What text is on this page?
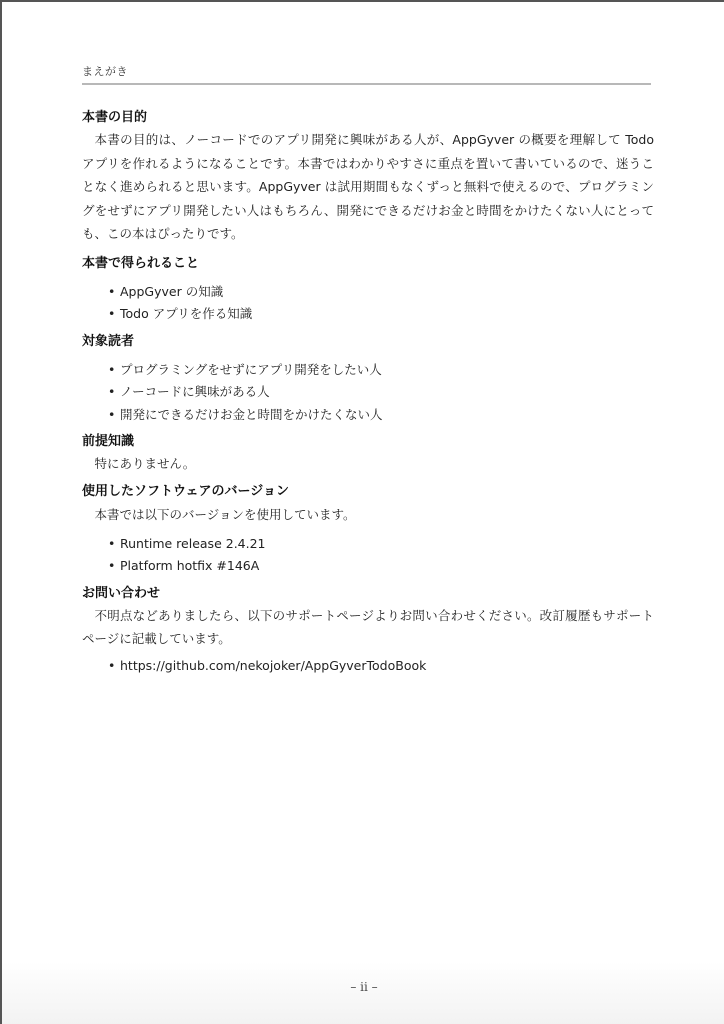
まえがき
本書の目的

本書の目的は、ノーコードでのアプリ開発に興味がある人が、AppGyver の概要を理解して Todo アプリを作れるようになることです。本書ではわかりやすさに重点を置いて書いているので、迷うことなく進められると思います。AppGyver は試用期間もなくずっと無料で使えるので、プログラミングをせずにアプリ開発したい人はもちろん、開発にできるだけお金と時間をかけたくない人にとっても、この本はぴったりです。

本書で得られること
• AppGyver の知識
• Todo アプリを作る知識
対象読者
• プログラミングをせずにアプリ開発をしたい人
• ノーコードに興味がある人
• 開発にできるだけお金と時間をかけたくない人
前提知識

特にありません。

使用したソフトウェアのバージョン

本書では以下のバージョンを使用しています。

• Runtime release 2.4.21
• Platform hotfix #146A
お問い合わせ

不明点などありましたら、以下のサポートページよりお問い合わせください。改訂履歴もサポートページに記載しています。

• https://github.com/nekojoker/AppGyverTodoBook
– ii –
